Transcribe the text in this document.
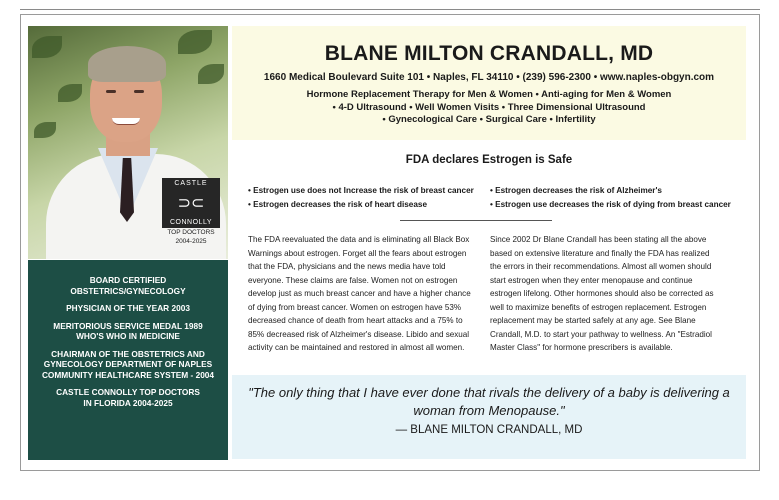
CASTLE
⊃⊂
CONNOLLY
TOP DOCTORS
2004-2025
BOARD CERTIFIED
OBSTETRICS/GYNECOLOGY
PHYSICIAN OF THE YEAR 2003
MERITORIOUS SERVICE MEDAL 1989
WHO'S WHO IN MEDICINE
CHAIRMAN OF THE OBSTETRICS AND
GYNECOLOGY DEPARTMENT OF NAPLES
COMMUNITY HEALTHCARE SYSTEM - 2004
CASTLE CONNOLLY TOP DOCTORS
IN FLORIDA 2004-2025
BLANE MILTON CRANDALL, MD
1660 Medical Boulevard Suite 101 • Naples, FL 34110 • (239) 596-2300 • www.naples-obgyn.com
Hormone Replacement Therapy for Men & Women • Anti-aging for Men & Women
• 4-D Ultrasound • Well Women Visits • Three Dimensional Ultrasound
• Gynecological Care • Surgical Care • Infertility
FDA declares Estrogen is Safe
• Estrogen use does not Increase the risk of breast cancer
• Estrogen decreases the risk of heart disease
• Estrogen decreases the risk of Alzheimer's
• Estrogen use decreases the risk of dying from breast cancer
The FDA reevaluated the data and is eliminating all Black Box Warnings about estrogen. Forget all the fears about estrogen that the FDA, physicians and the news media have told everyone. These claims are false. Women not on estrogen develop just as much breast cancer and have a higher chance of dying from breast cancer. Women on estrogen have 53% decreased chance of death from heart attacks and a 75% to 85% decreased risk of Alzheimer's disease. Libido and sexual activity can be maintained and restored in almost all women.
Since 2002 Dr Blane Crandall has been stating all the above based on extensive literature and finally the FDA has realized the errors in their recommendations. Almost all women should start estrogen when they enter menopause and continue estrogen lifelong. Other hormones should also be corrected as well to maximize benefits of estrogen replacement. Estrogen replacement may be started safely at any age. See Blane Crandall, M.D. to start your pathway to wellness. An "Estradiol Master Class" for hormone prescribers is available.
"The only thing that I have ever done that rivals the delivery of a baby is delivering a woman from Menopause."
— BLANE MILTON CRANDALL, MD
